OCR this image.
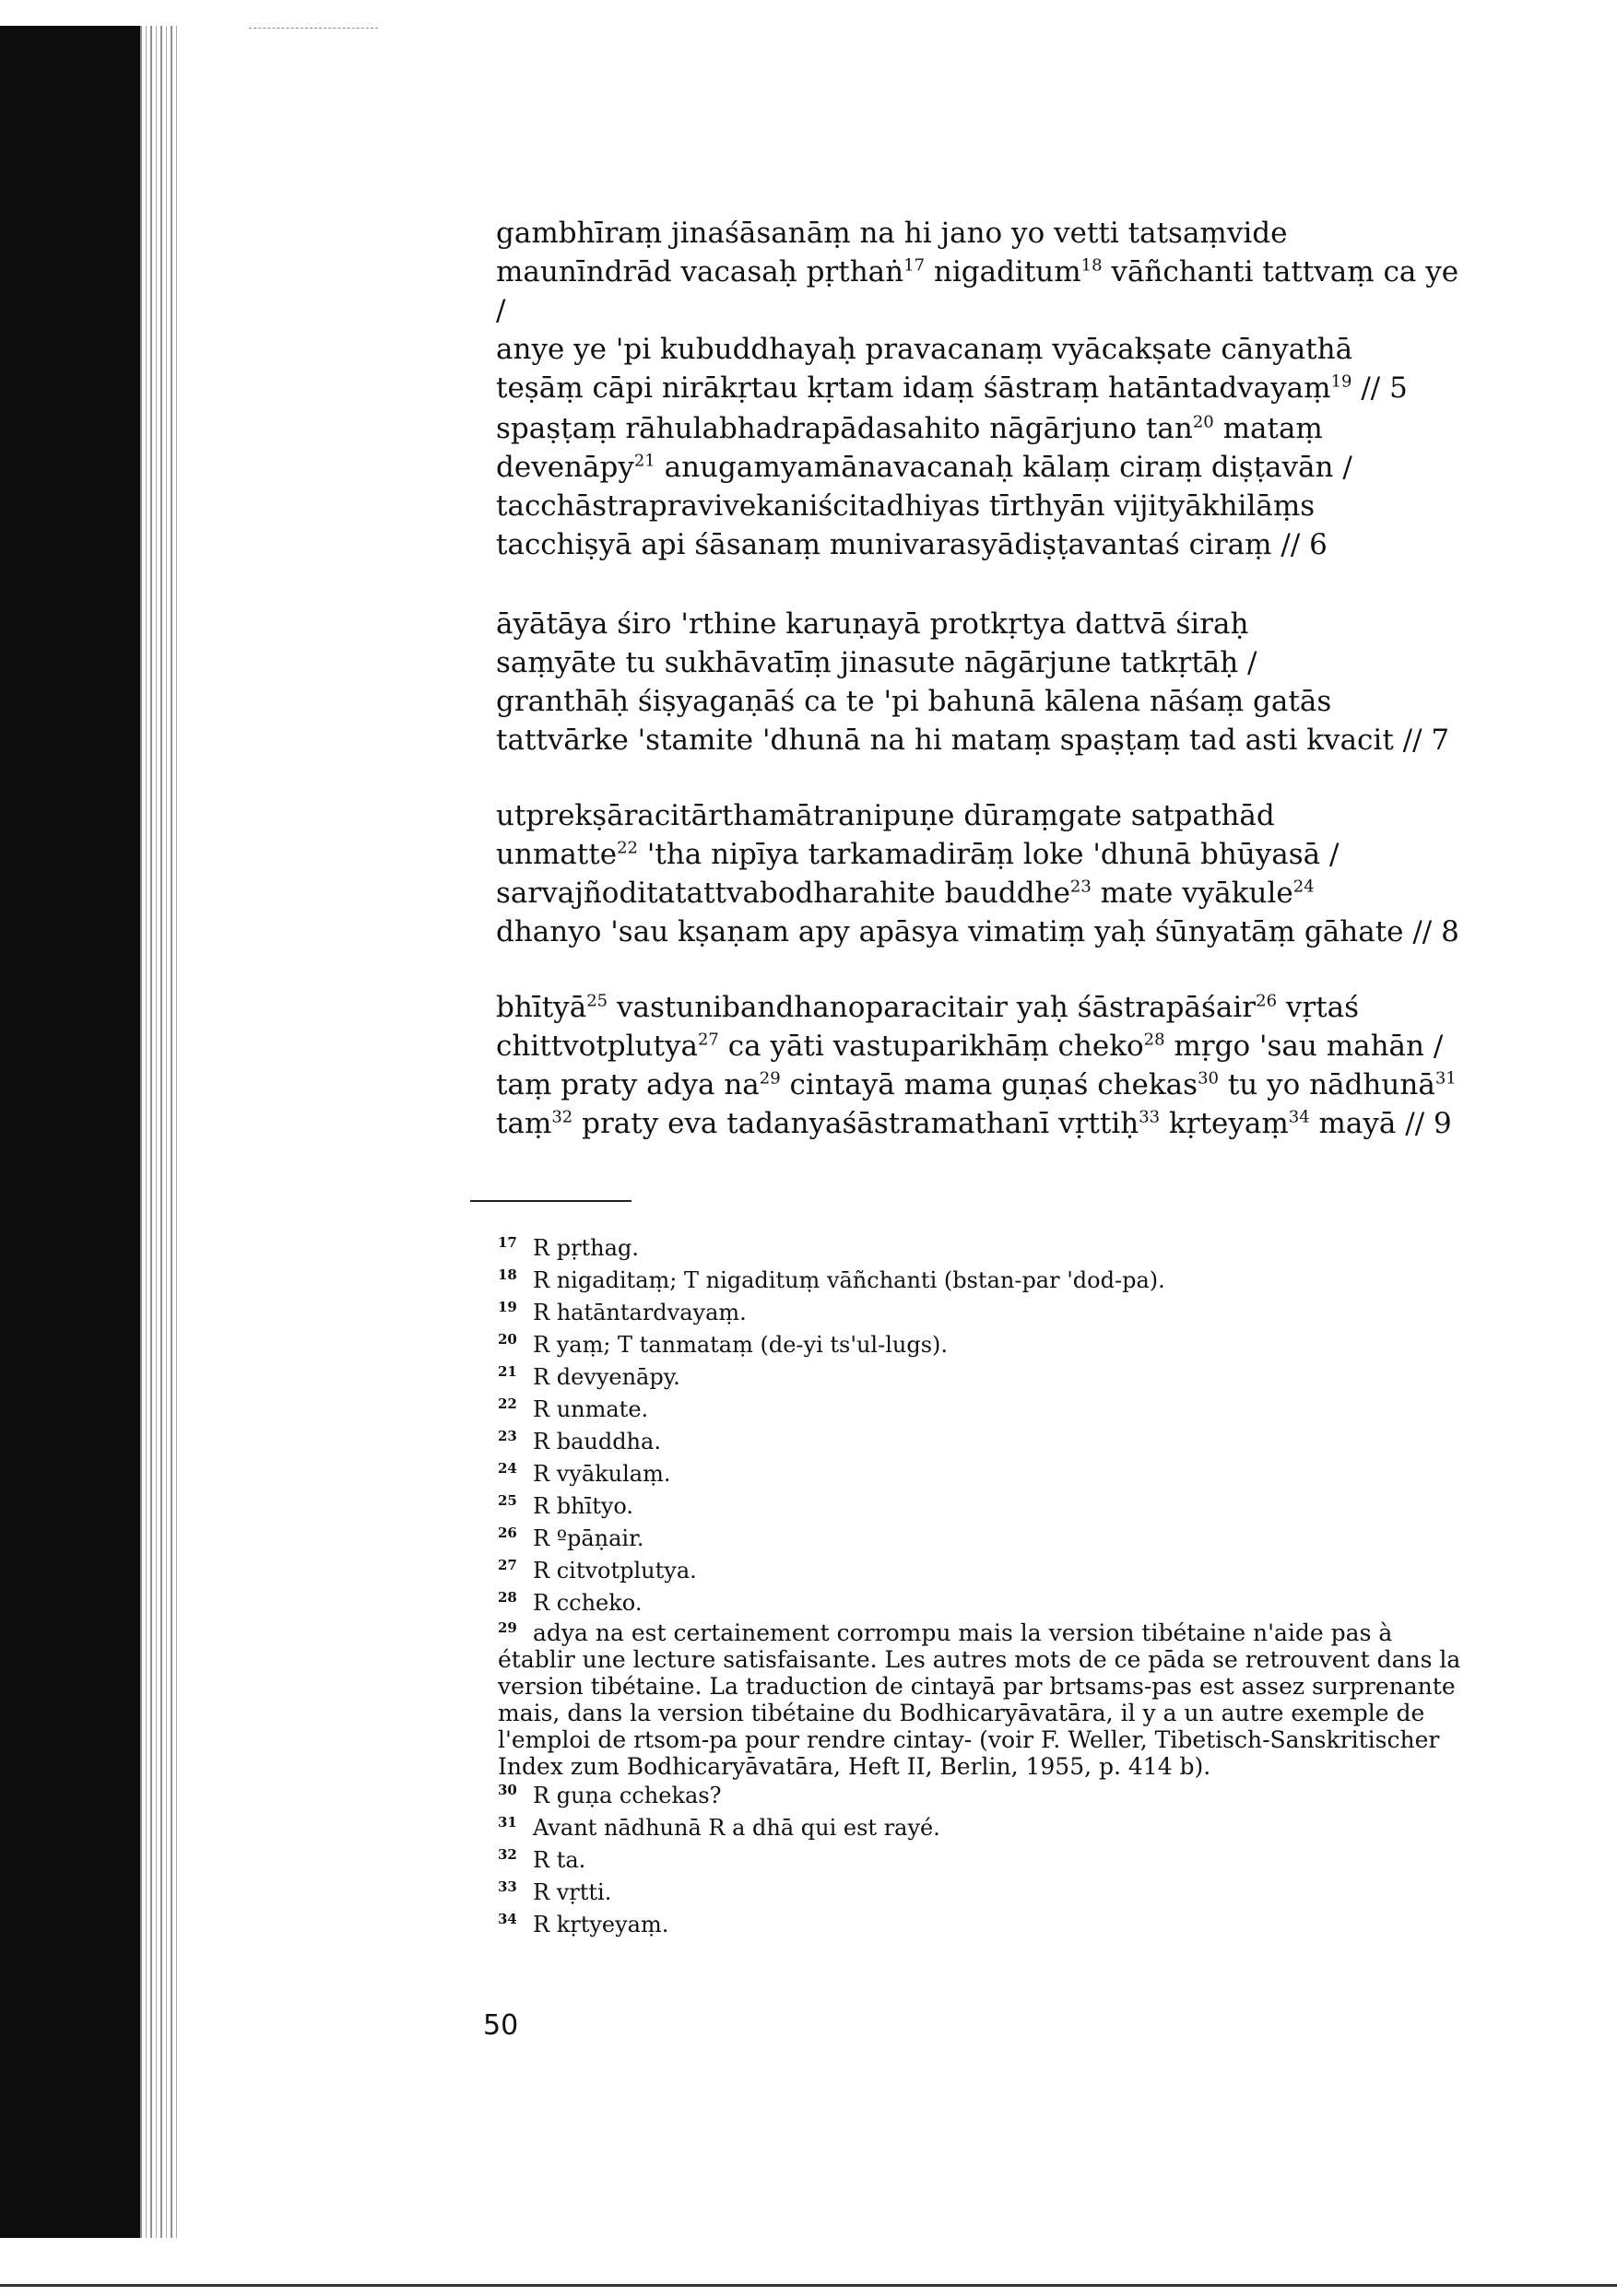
gambhīraṃ jinaśāsanāṃ na hi jano yo vetti tatsaṃvide

maunīndrād vacasaḥ pṛthaṅ$^{17}$ nigaditum$^{18}$ vāñchanti tattvaṃ ca ye /

anye ye 'pi kubuddhayaḥ pravacanaṃ vyācakṣate cānyathā

teṣāṃ cāpi nirākṛtau kṛtam idaṃ śāstraṃ hatāntadvayaṃ$^{19}$ // 5

spaṣṭaṃ rāhulabhadrapādasahito nāgārjuno $\tan^{20}$ mataṃ

devenāpy$^{21}$ anugamyamānavacanaḥ kālaṃ ciraṃ diṣṭavān /

tacchāstrapravivekaniścitadhiyas tīrthyān vijityākhilāṃs

tacchiṣyā api śāsanaṃ munivarasyādiṣṭavantaś ciraṃ // 6

āyātāya śiro 'rthine karuṇayā protkṛtya dattvā śiraḥ

saṃyāte tu sukhāvatīṃ jinasute nāgārjune tatkṛtāḥ /

granthāḥ śiṣyagaṇāś ca te 'pi bahunā kālena nāśaṃ gatās

tattvārke 'stamite 'dhunā na hi mataṃ spaṣṭaṃ tad asti kvacit // 7

utprekṣāracitārthamātranipuṇe dūraṃgate satpathād

unmatte$^{22}$ 'tha nipīya tarkamadirāṃ loke 'dhunā bhūyasā /

sarvajñoditatattvabodharahite bauddhe$^{23}$ mate vyākule$^{24}$

dhanyo 'sau kṣaṇam apy apāsya vimatiṃ yaḥ śūnyatāṃ gāhate // 8

bhītyā$^{25}$ vastunibandhanoparacitair yaḥ śāstrapāśair$^{26}$ vṛtaś

chittvotplutya$^{27}$ ca yāti vastuparikhāṃ cheko$^{28}$ mṛgo 'sau mahān /

taṃ praty adya $na^{29}$ cintayā mama guṇaś chekas$^{30}$ tu yo nādhunā$^{31}$

taṃ$^{32}$ praty eva tadanyaśāstramathanī vṛttiḥ$^{33}$ kṛteyaṃ$^{34}$ mayā // 9

17 R pṛthag.
18 R nigaditaṃ; T nigadituṃ vāñchanti (bstan-par 'dod-pa).
19 R hatāntardvayaṃ.
20 R yaṃ; T tanmataṃ (de-yi ts'ul-lugs).
21 R devyenāpy.
22 R unmate.
23 R bauddha.
24 R vyākulaṃ.
25 R bhītyo.
26 R ºpāṇair.
27 R citvotplutya.
28 R ccheko.
29 adya na est certainement corrompu mais la version tibétaine n'aide pas à établir une lecture satisfaisante. Les autres mots de ce pāda se retrouvent dans la version tibétaine. La traduction de cintayā par brtsams-pas est assez surprenante mais, dans la version tibétaine du Bodhicaryāvatāra, il y a un autre exemple de l'emploi de rtsom-pa pour rendre cintay- (voir F. Weller, Tibetisch-Sanskritischer Index zum Bodhicaryāvatāra, Heft II, Berlin, 1955, p. 414 b).
30 R guṇa cchekas?
31 Avant nādhunā R a dhā qui est rayé.
32 R ta.
33 R vṛtti.
34 R kṛtyeyaṃ.
50
